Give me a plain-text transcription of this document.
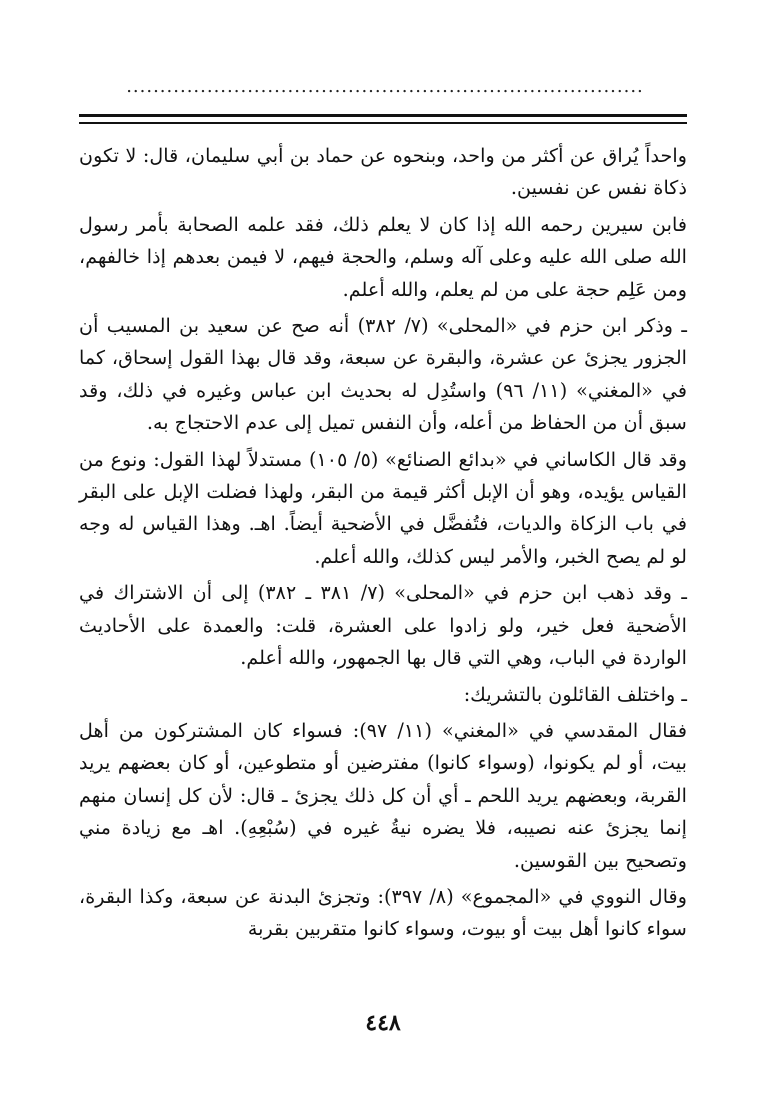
.............................................................................

واحداً يُراق عن أكثر من واحد، وبنحوه عن حماد بن أبي سليمان، قال: لا تكون ذكاة نفس عن نفسين.

فابن سيرين رحمه الله إذا كان لا يعلم ذلك، فقد علمه الصحابة بأمر رسول الله صلى الله عليه وعلى آله وسلم، والحجة فيهم، لا فيمن بعدهم إذا خالفهم، ومن عَلِم حجة على من لم يعلم، والله أعلم.

ـ وذكر ابن حزم في «المحلى» (٧/ ٣٨٢) أنه صح عن سعيد بن المسيب أن الجزور يجزئ عن عشرة، والبقرة عن سبعة، وقد قال بهذا القول إسحاق، كما في «المغني» (١١/ ٩٦) واستُدِل له بحديث ابن عباس وغيره في ذلك، وقد سبق أن من الحفاظ من أعله، وأن النفس تميل إلى عدم الاحتجاج به.

وقد قال الكاساني في «بدائع الصنائع» (٥/ ١٠٥) مستدلاً لهذا القول: ونوع من القياس يؤيده، وهو أن الإبل أكثر قيمة من البقر، ولهذا فضلت الإبل على البقر في باب الزكاة والديات، فتُفضَّل في الأضحية أيضاً. اهـ. وهذا القياس له وجه لو لم يصح الخبر، والأمر ليس كذلك، والله أعلم.

ـ وقد ذهب ابن حزم في «المحلى» (٧/ ٣٨١ ـ ٣٨٢) إلى أن الاشتراك في الأضحية فعل خير، ولو زادوا على العشرة، قلت: والعمدة على الأحاديث الواردة في الباب، وهي التي قال بها الجمهور، والله أعلم.

ـ واختلف القائلون بالتشريك:

فقال المقدسي في «المغني» (١١/ ٩٧): فسواء كان المشتركون من أهل بيت، أو لم يكونوا، (وسواء كانوا) مفترضين أو متطوعين، أو كان بعضهم يريد القربة، وبعضهم يريد اللحم ـ أي أن كل ذلك يجزئ ـ قال: لأن كل إنسان منهم إنما يجزئ عنه نصيبه، فلا يضره نيةُ غيره في (سُبْعِهِ). اهـ مع زيادة مني وتصحيح بين القوسين.

وقال النووي في «المجموع» (٨/ ٣٩٧): وتجزئ البدنة عن سبعة، وكذا البقرة، سواء كانوا أهل بيت أو بيوت، وسواء كانوا متقربين بقربة

٤٤٨
